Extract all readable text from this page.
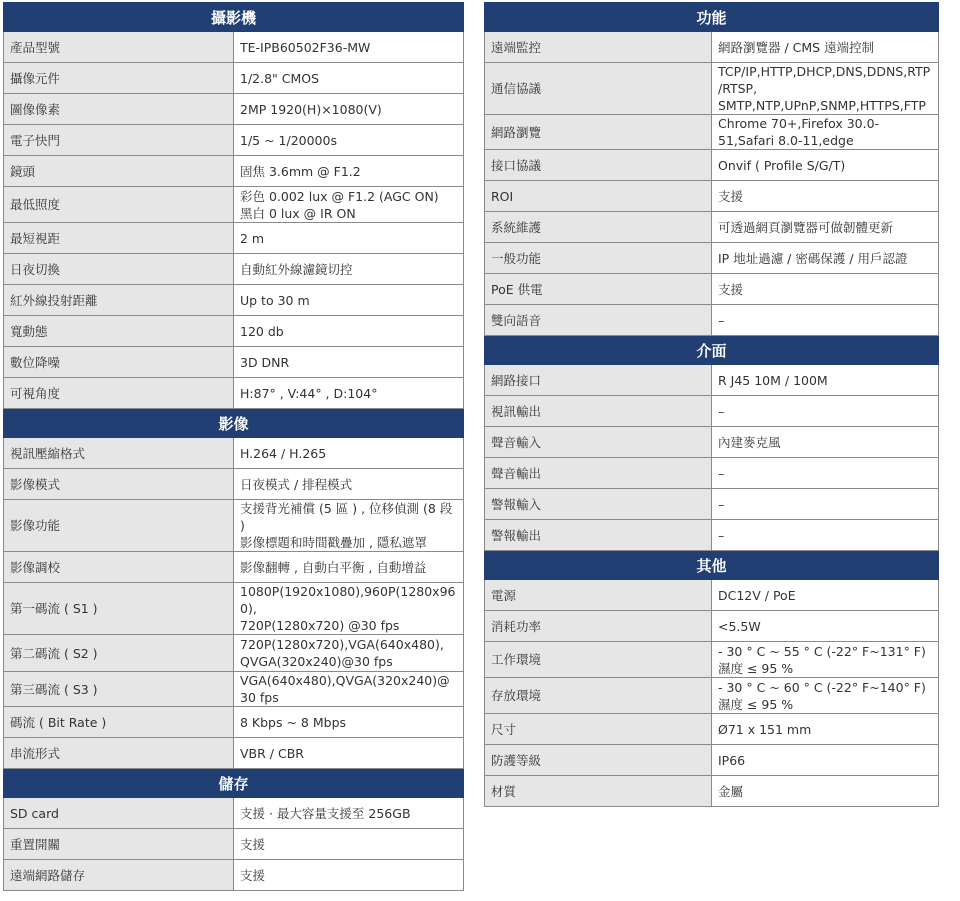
攝影機	
產品型號	TE-IPB60502F36-MW

攝像元件	1/2.8" CMOS

圖像像素	2MP 1920(H)×1080(V)

電子快門	1/5 ~ 1/20000s

鏡頭	固焦 3.6mm @ F1.2

最低照度	彩色 0.002 lux @ F1.2 (AGC ON)
黑白 0 lux @ IR ON

最短視距	2 m

日夜切換	自動紅外線濾鏡切控

紅外線投射距離	Up to 30 m

寬動態	120 db

數位降噪	3D DNR

可視角度	H:87° , V:44° , D:104°

影像	
視訊壓縮格式	H.264 / H.265

影像模式	日夜模式 / 排程模式

影像功能	支援背光補償 (5 區 ) , 位移偵測 (8 段 )
影像標題和時間戳疊加 , 隱私遮罩

影像調校	影像翻轉 , 自動白平衡 , 自動增益

第一碼流 ( S1 )	1080P(1920x1080),960P(1280x960),
720P(1280x720) @30 fps

第二碼流 ( S2 )	720P(1280x720),VGA(640x480),
QVGA(320x240)@30 fps

第三碼流 ( S3 )	VGA(640x480),QVGA(320x240)@30 fps

碼流 ( Bit Rate )	8 Kbps ~ 8 Mbps

串流形式	VBR / CBR

儲存	
SD card	支援 · 最大容量支援至 256GB

重置開關	支援

遠端網路儲存	支援
功能	
遠端監控	網路瀏覽器 / CMS 遠端控制

通信協議	TCP/IP,HTTP,DHCP,DNS,DDNS,RTP/RTSP,
SMTP,NTP,UPnP,SNMP,HTTPS,FTP

網路瀏覽	Chrome 70+,Firefox 30.0-51,Safari 8.0-11,edge

接口協議	Onvif ( Profile S/G/T)

ROI	支援

系統維護	可透過網頁瀏覽器可做韌體更新

一般功能	IP 地址過濾 / 密碼保護 / 用戶認證

PoE 供電	支援

雙向語音	–

介面	
網路接口	R J45 10M / 100M

視訊輸出	–

聲音輸入	內建麥克風

聲音輸出	–

警報輸入	–

警報輸出	–

其他	
電源	DC12V / PoE

消耗功率	<5.5W

工作環境	- 30 ° C ~ 55 ° C (-22° F~131° F)
濕度 ≤ 95 %

存放環境	- 30 ° C ~ 60 ° C (-22° F~140° F)
濕度 ≤ 95 %

尺寸	Ø71 x 151 mm

防護等級	IP66

材質	金屬
